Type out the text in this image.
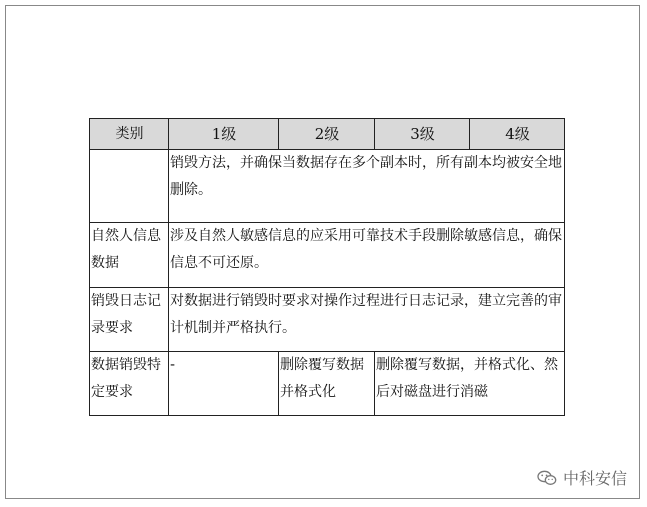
类别	1级	2级	3级	4级
	销毁方法，并确保当数据存在多个副本时，所有副本均被安全地删除。			
自然人信息数据	涉及自然人敏感信息的应采用可靠技术手段删除敏感信息，确保信息不可还原。			
销毁日志记录要求	对数据进行销毁时要求对操作过程进行日志记录，建立完善的审计机制并严格执行。			
数据销毁特定要求	-	删除覆写数据并格式化	删除覆写数据，并格式化、然后对磁盘进行消磁	
中科安信
